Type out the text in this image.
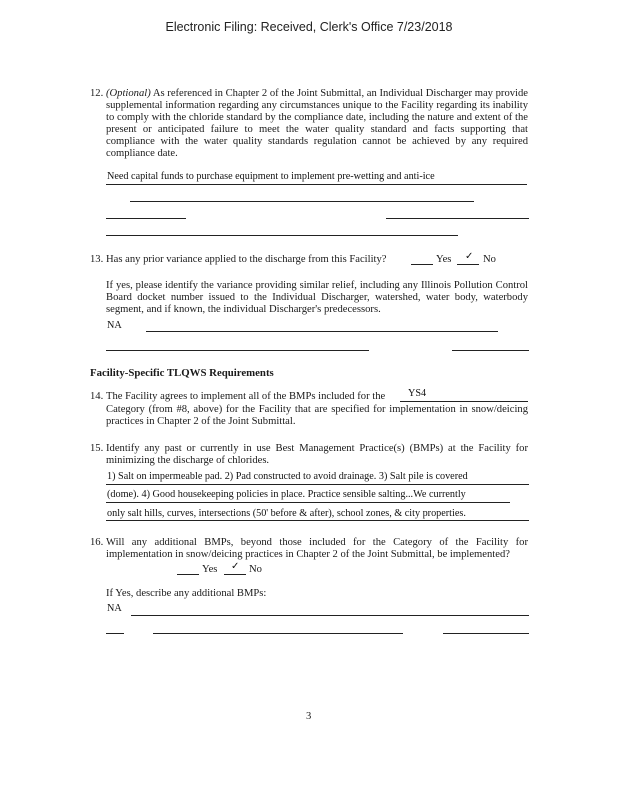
Electronic Filing: Received, Clerk's Office 7/23/2018
12. (Optional) As referenced in Chapter 2 of the Joint Submittal, an Individual Discharger may provide supplemental information regarding any circumstances unique to the Facility regarding its inability to comply with the chloride standard by the compliance date, including the nature and extent of the present or anticipated failure to meet the water quality standard and facts supporting that compliance with the water quality standards regulation cannot be achieved by any required compliance date.
Need capital funds to purchase equipment to implement pre-wetting and anti-ice
13. Has any prior variance applied to the discharge from this Facility?	Yes ✓ No
If yes, please identify the variance providing similar relief, including any Illinois Pollution Control Board docket number issued to the Individual Discharger, watershed, water body, waterbody segment, and if known, the individual Discharger's predecessors.
NA
Facility-Specific TLQWS Requirements
14. The Facility agrees to implement all of the BMPs included for the YS4
Category (from #8, above) for the Facility that are specified for implementation in snow/deicing practices in Chapter 2 of the Joint Submittal.
15. Identify any past or currently in use Best Management Practice(s) (BMPs) at the Facility for minimizing the discharge of chlorides.
1) Salt on impermeable pad. 2) Pad constructed to avoid drainage. 3) Salt pile is covered
(dome). 4) Good housekeeping policies in place. Practice sensible salting...We currently
only salt hills, curves, intersections (50' before & after), school zones, & city properties.
16. Will any additional BMPs, beyond those included for the Category of the Facility for implementation in snow/deicing practices in Chapter 2 of the Joint Submittal, be implemented?
Yes ✓ No
If Yes, describe any additional BMPs:
NA
3
